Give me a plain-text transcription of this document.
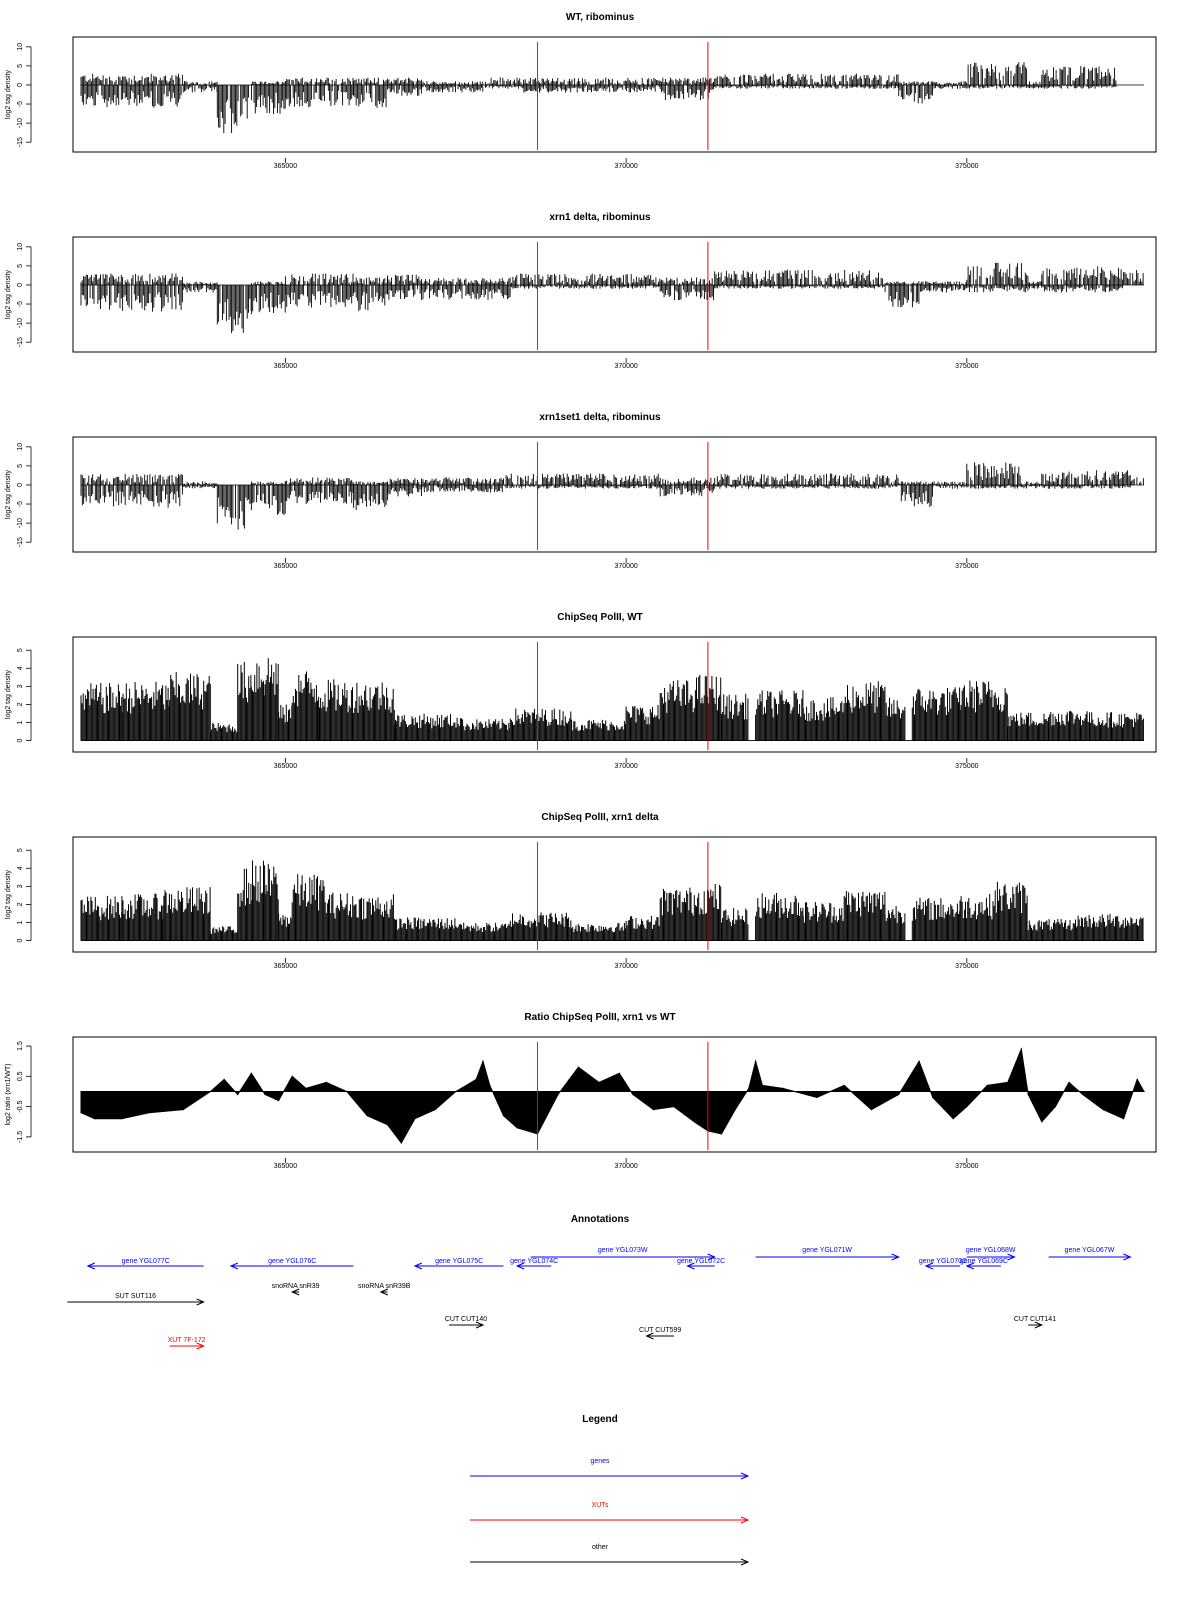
WT, ribominus
log2 tag density
10
5
0
-5
-10
-15
365000	370000	375000
xrn1 delta, ribominus
log2 tag density
10
5
0
-5
-10
-15
365000	370000	375000
xrn1set1 delta, ribominus
log2 tag density
10
5
0
-5
-10
-15
365000	370000	375000
ChipSeq PolII, WT
log2 tag density
0
1
2
3
4
5
365000	370000	375000
ChipSeq PolII, xrn1 delta
log2 tag density
0
1
2
3
4
5
365000	370000	375000
Ratio ChipSeq PolII, xrn1 vs WT
log2 ratio (xrn1/WT)
1.5
0.5
-0.5
-1.5
365000	370000	375000
Annotations
gene YGL077C	gene YGL076C	gene YGL075C	gene YGL074C
gene YGL073W
gene YGL072C
gene YGL071W
gene YGL070C
gene YGL069C
gene YGL068W	gene YGL067W
snoRNA snR39	snoRNA snR39B
SUT SUT116
CUT CUT140
CUT CUT599
CUT CUT141
XUT 7F-172
Legend
genes
XUTs
other
